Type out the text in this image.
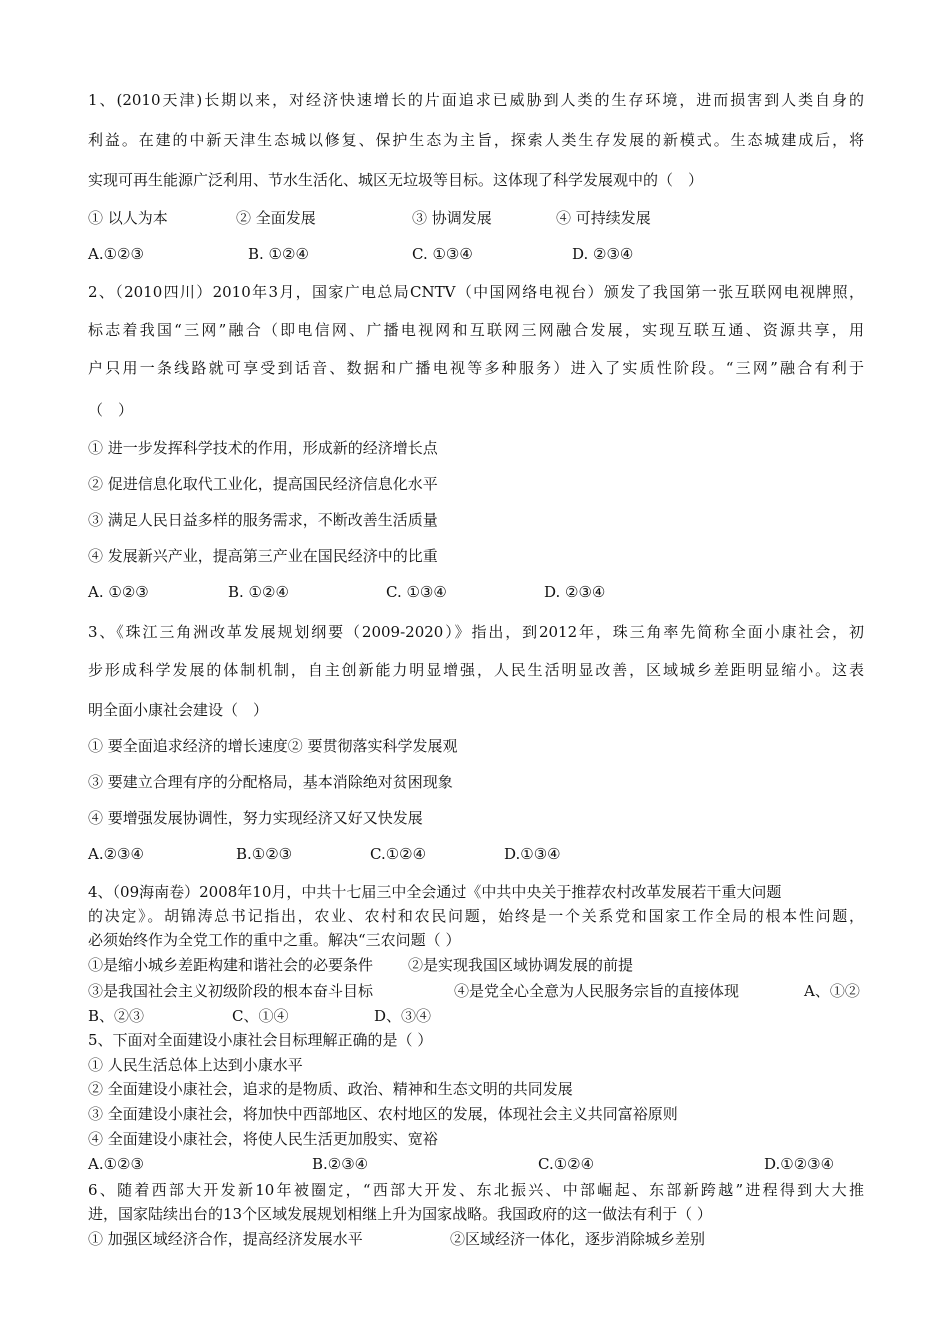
1、(2010天津)长期以来，对经济快速增长的片面追求已威胁到人类的生存环境，进而损害到人类自身的
利益。在建的中新天津生态城以修复、保护生态为主旨，探索人类生存发展的新模式。生态城建成后，将
实现可再生能源广泛利用、节水生活化、城区无垃圾等目标。这体现了科学发展观中的（　）
① 以人为本	② 全面发展	③ 协调发展	④ 可持续发展
A.①②③	B. ①②④	C. ①③④	D. ②③④
2、（2010四川）2010年3月，国家广电总局CNTV（中国网络电视台）颁发了我国第一张互联网电视牌照，
标志着我国“三网”融合（即电信网、广播电视网和互联网三网融合发展，实现互联互通、资源共享，用
户只用一条线路就可享受到话音、数据和广播电视等多种服务）进入了实质性阶段。“三网”融合有利于
（　）
① 进一步发挥科学技术的作用，形成新的经济增长点
② 促进信息化取代工业化，提高国民经济信息化水平
③ 满足人民日益多样的服务需求，不断改善生活质量
④ 发展新兴产业，提高第三产业在国民经济中的比重
A. ①②③	B. ①②④	C. ①③④	D. ②③④
3、《珠江三角洲改革发展规划纲要（2009-2020）》指出，到2012年，珠三角率先简称全面小康社会，初
步形成科学发展的体制机制，自主创新能力明显增强，人民生活明显改善，区域城乡差距明显缩小。这表
明全面小康社会建设（　）
① 要全面追求经济的增长速度② 要贯彻落实科学发展观
③ 要建立合理有序的分配格局，基本消除绝对贫困现象
④ 要增强发展协调性，努力实现经济又好又快发展
A.②③④	B.①②③	C.①②④	D.①③④
4、（09海南卷）2008年10月，中共十七届三中全会通过《中共中央关于推荐农村改革发展若干重大问题
的决定》。胡锦涛总书记指出，农业、农村和农民问题，始终是一个关系党和国家工作全局的根本性问题，
必须始终作为全党工作的重中之重。解决“三农问题（ ）
①是缩小城乡差距构建和谐社会的必要条件 ②是实现我国区域协调发展的前提
③是我国社会主义初级阶段的根本奋斗目标	④是党全心全意为人民服务宗旨的直接体现	A、①②
B、②③	C、①④	D、③④
5、下面对全面建设小康社会目标理解正确的是（ ）
① 人民生活总体上达到小康水平
② 全面建设小康社会，追求的是物质、政治、精神和生态文明的共同发展
③ 全面建设小康社会，将加快中西部地区、农村地区的发展，体现社会主义共同富裕原则
④ 全面建设小康社会，将使人民生活更加殷实、宽裕
A.①②③	B.②③④	C.①②④	D.①②③④
6、随着西部大开发新10年被圈定，“西部大开发、东北振兴、中部崛起、东部新跨越”进程得到大大推
进，国家陆续出台的13个区域发展规划相继上升为国家战略。我国政府的这一做法有利于（ ）
① 加强区域经济合作，提高经济发展水平	②区域经济一体化，逐步消除城乡差别
